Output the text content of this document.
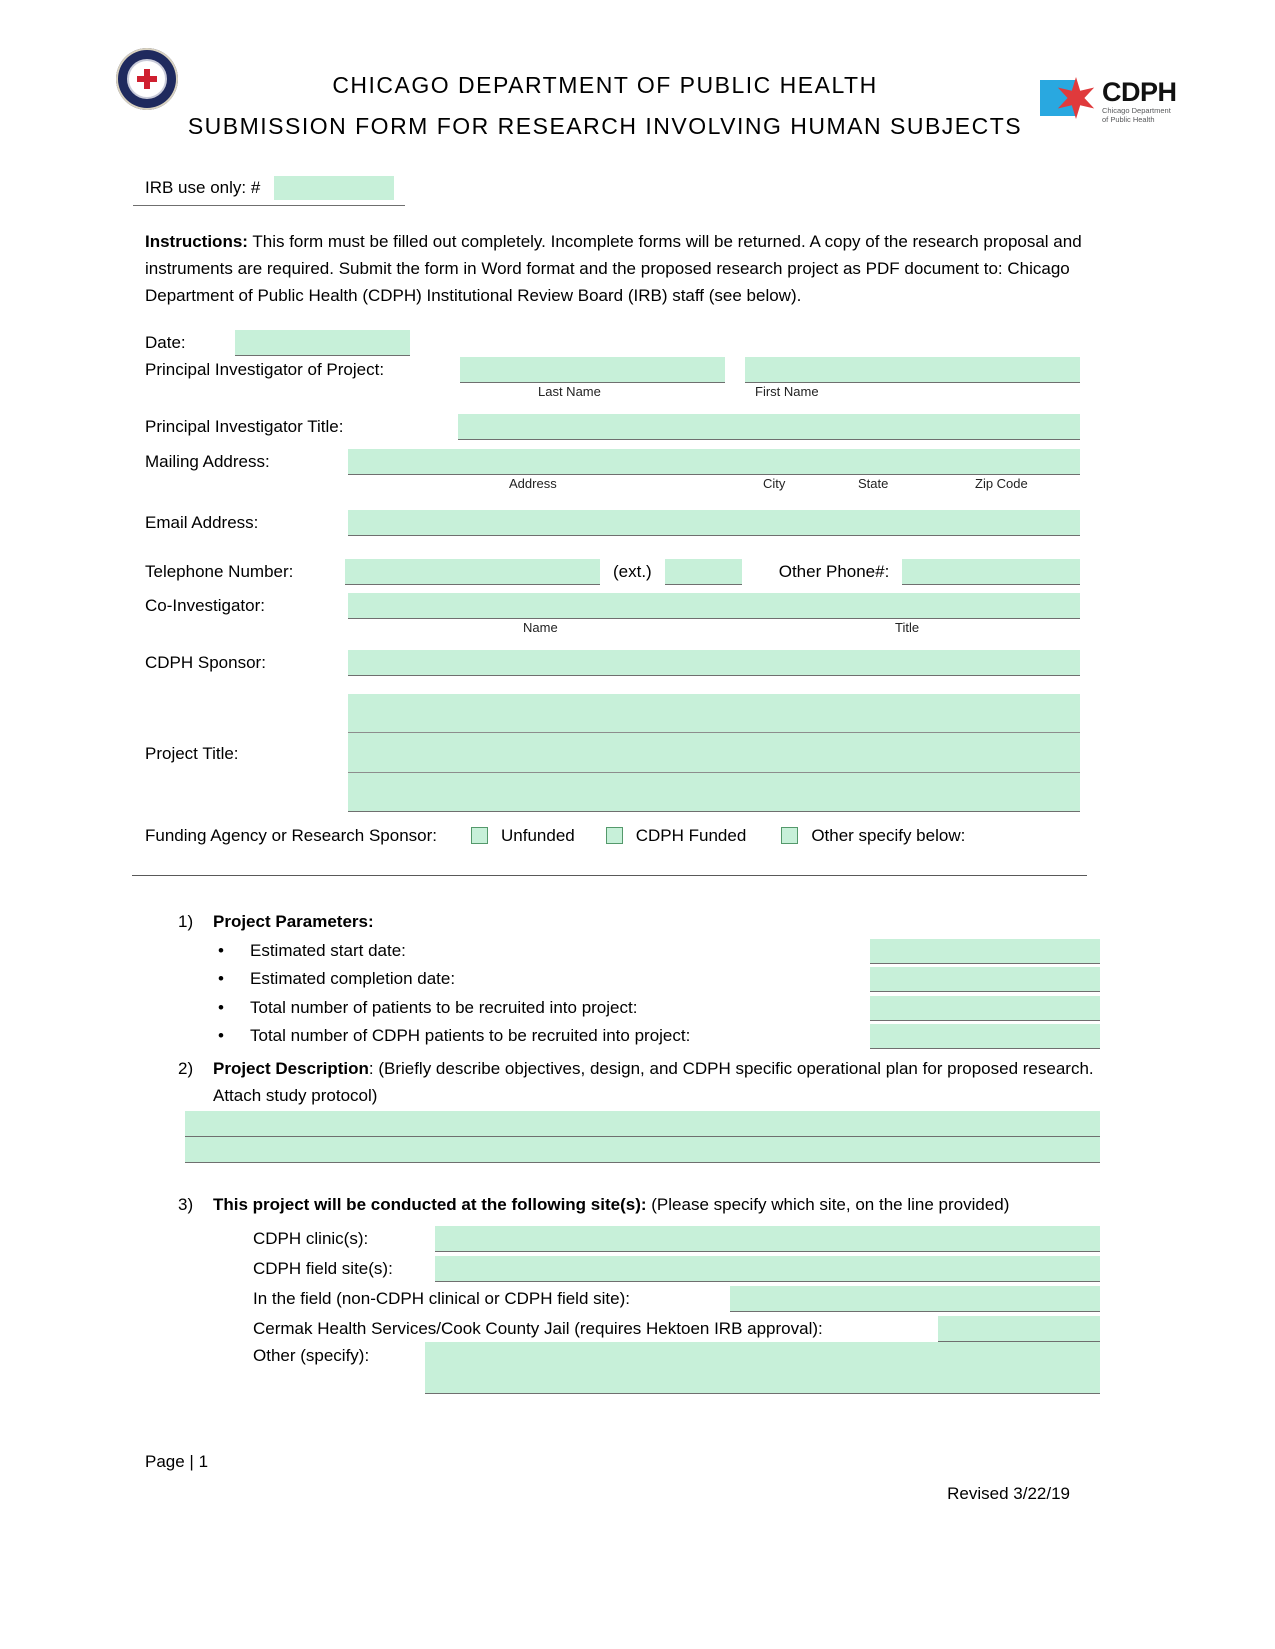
CHICAGO DEPARTMENT OF PUBLIC HEALTH
SUBMISSION FORM FOR RESEARCH INVOLVING HUMAN SUBJECTS
CDPH
Chicago Department
of Public Health
IRB use only: #

Instructions: This form must be filled out completely. Incomplete forms will be returned. A copy of the research proposal and instruments are required. Submit the form in Word format and the proposed research project as PDF document to: Chicago Department of Public Health (CDPH) Institutional Review Board (IRB) staff (see below).

Date:
Principal Investigator of Project:
Last Name	First Name
Principal Investigator Title:
Mailing Address:
Address	City	State	Zip Code
Email Address:
Telephone Number:	(ext.)	Other Phone#:
Co-Investigator:
Name	Title
CDPH Sponsor:
Project Title:
Funding Agency or Research Sponsor:	Unfunded	CDPH Funded	Other specify below:
1)	Project Parameters:
•
Estimated start date:
•
Estimated completion date:
•
Total number of patients to be recruited into project:
•
Total number of CDPH patients to be recruited into project:
2)	Project Description: (Briefly describe objectives, design, and CDPH specific operational plan for proposed research. Attach study protocol)
3)	This project will be conducted at the following site(s): (Please specify which site, on the line provided)
CDPH clinic(s):
CDPH field site(s):
In the field (non-CDPH clinical or CDPH field site):
Cermak Health Services/Cook County Jail (requires Hektoen IRB approval):
Other (specify):
Page | 1
Revised 3/22/19
